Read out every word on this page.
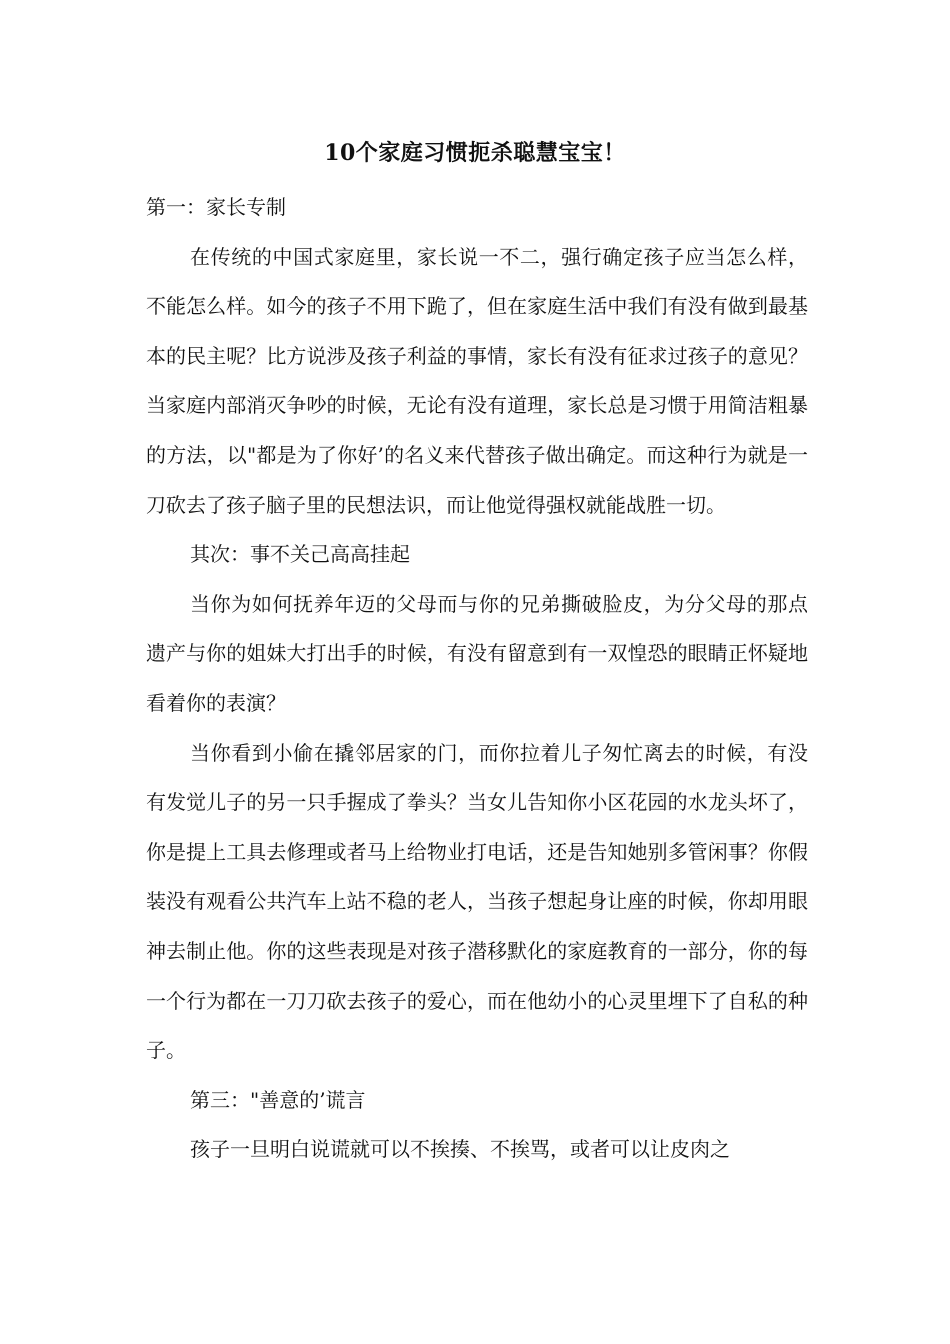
10个家庭习惯扼杀聪慧宝宝！

第一：家长专制

在传统的中国式家庭里，家长说一不二，强行确定孩子应当怎么样，不能怎么样。如今的孩子不用下跪了，但在家庭生活中我们有没有做到最基本的民主呢？比方说涉及孩子利益的事情，家长有没有征求过孩子的意见？当家庭内部消灭争吵的时候，无论有没有道理，家长总是习惯于用简洁粗暴的方法，以"都是为了你好’的名义来代替孩子做出确定。而这种行为就是一刀砍去了孩子脑子里的民想法识，而让他觉得强权就能战胜一切。

其次：事不关己高高挂起

当你为如何抚养年迈的父母而与你的兄弟撕破脸皮，为分父母的那点遗产与你的姐妹大打出手的时候，有没有留意到有一双惶恐的眼睛正怀疑地看着你的表演？

当你看到小偷在撬邻居家的门，而你拉着儿子匆忙离去的时候，有没有发觉儿子的另一只手握成了拳头？当女儿告知你小区花园的水龙头坏了，你是提上工具去修理或者马上给物业打电话，还是告知她别多管闲事？你假装没有观看公共汽车上站不稳的老人，当孩子想起身让座的时候，你却用眼神去制止他。你的这些表现是对孩子潜移默化的家庭教育的一部分，你的每一个行为都在一刀刀砍去孩子的爱心，而在他幼小的心灵里埋下了自私的种子。

第三："善意的’谎言

孩子一旦明白说谎就可以不挨揍、不挨骂，或者可以让皮肉之
